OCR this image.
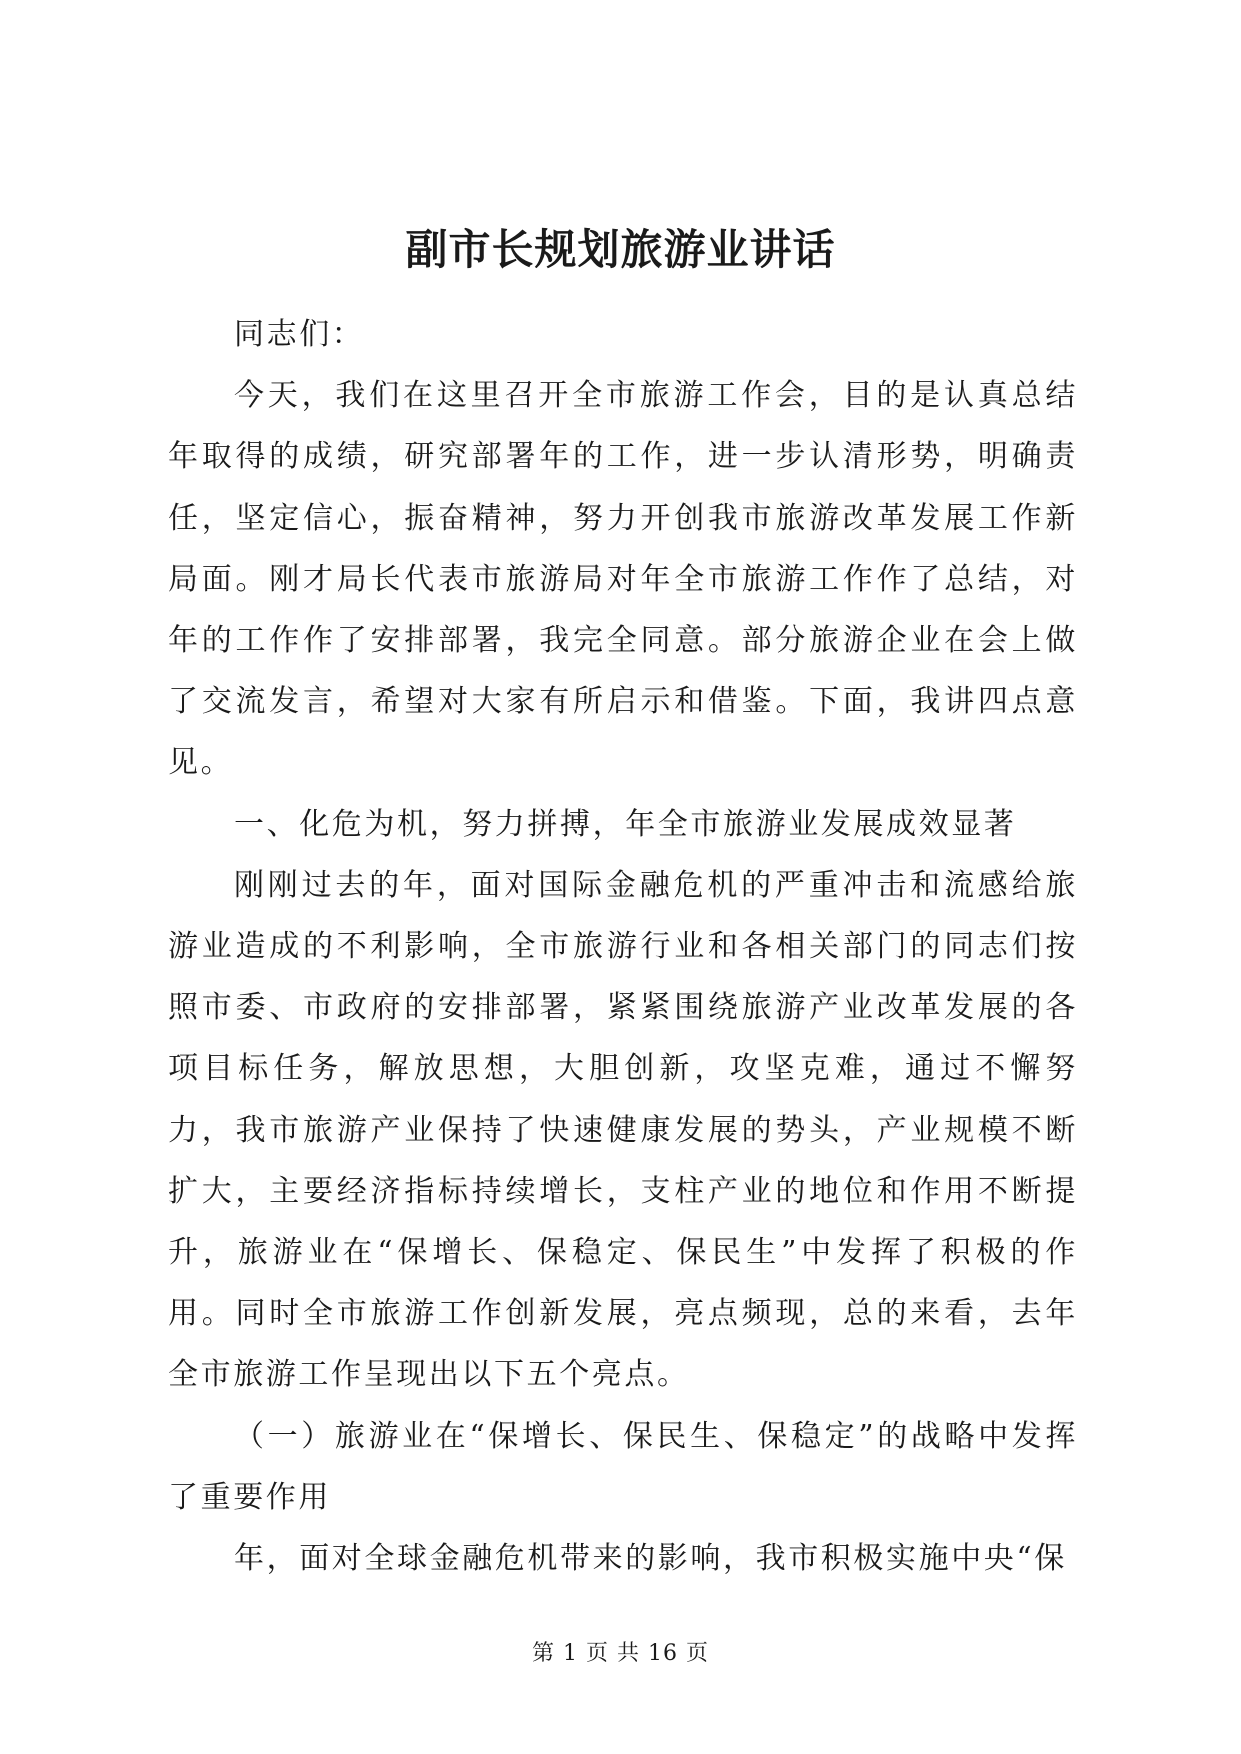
副市长规划旅游业讲话

同志们：

今天，我们在这里召开全市旅游工作会，目的是认真总结年取得的成绩，研究部署年的工作，进一步认清形势，明确责任，坚定信心，振奋精神，努力开创我市旅游改革发展工作新局面。刚才局长代表市旅游局对年全市旅游工作作了总结，对年的工作作了安排部署，我完全同意。部分旅游企业在会上做了交流发言，希望对大家有所启示和借鉴。下面，我讲四点意见。

一、化危为机，努力拼搏，年全市旅游业发展成效显著

刚刚过去的年，面对国际金融危机的严重冲击和流感给旅游业造成的不利影响，全市旅游行业和各相关部门的同志们按照市委、市政府的安排部署，紧紧围绕旅游产业改革发展的各项目标任务，解放思想，大胆创新，攻坚克难，通过不懈努力，我市旅游产业保持了快速健康发展的势头，产业规模不断扩大，主要经济指标持续增长，支柱产业的地位和作用不断提升，旅游业在“保增长、保稳定、保民生”中发挥了积极的作用。同时全市旅游工作创新发展，亮点频现，总的来看，去年全市旅游工作呈现出以下五个亮点。

（一）旅游业在“保增长、保民生、保稳定”的战略中发挥了重要作用

年，面对全球金融危机带来的影响，我市积极实施中央“保

第 1 页 共 16 页
